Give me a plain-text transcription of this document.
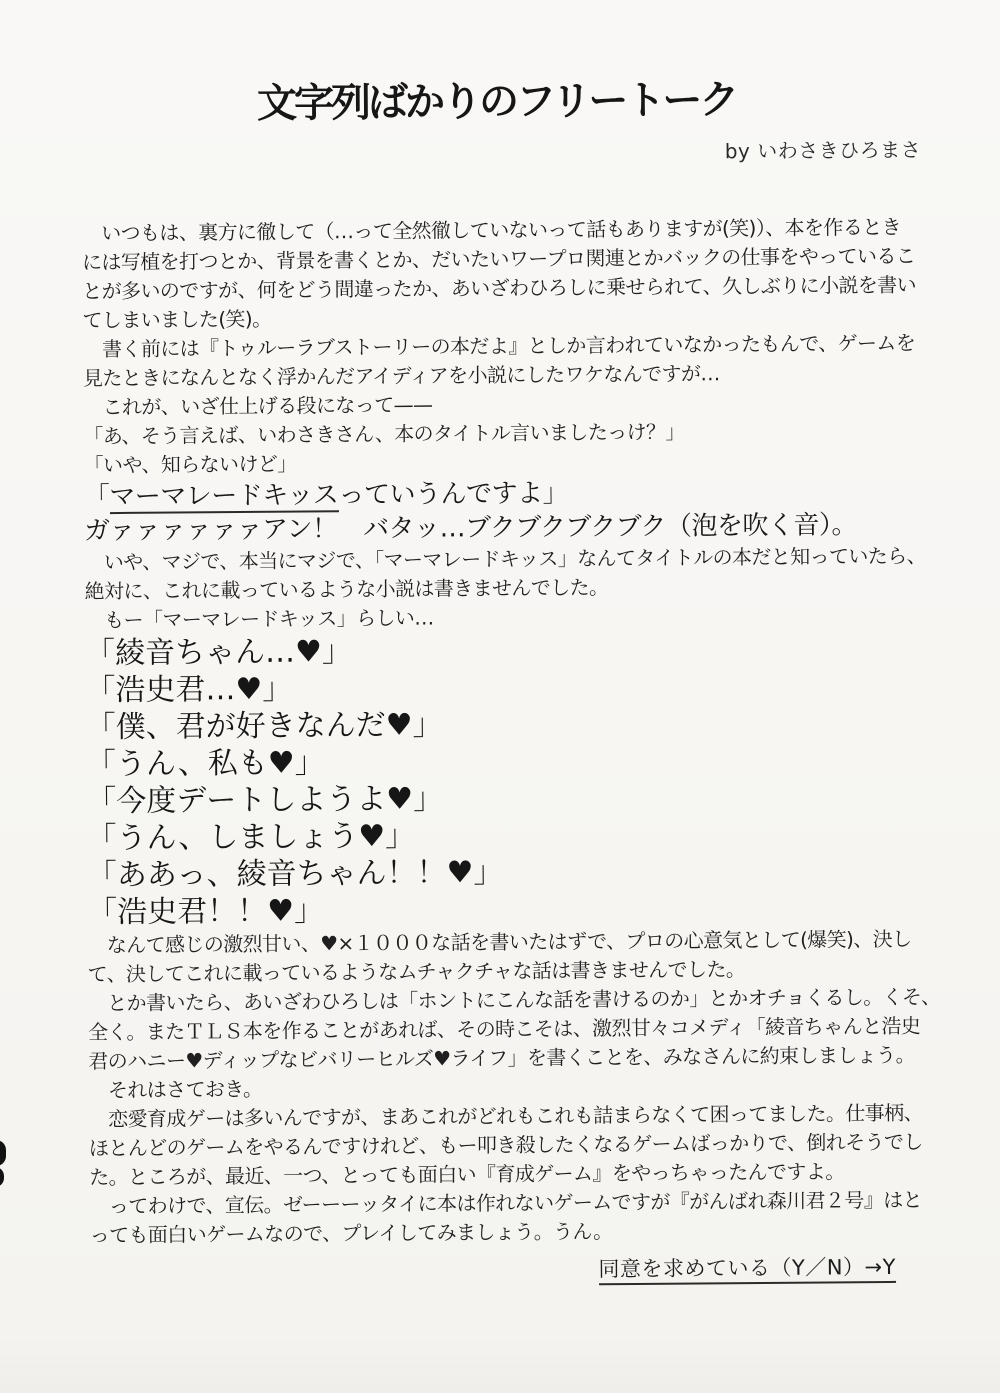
文字列ばかりのフリートーク
by いわさきひろまさ
　いつもは、裏方に徹して（…って全然徹していないって話もありますが(笑)）、本を作るとき
には写植を打つとか、背景を書くとか、だいたいワープロ関連とかバックの仕事をやっているこ
とが多いのですが、何をどう間違ったか、あいざわひろしに乗せられて、久しぶりに小説を書い
てしまいました(笑)。
　書く前には『トゥルーラブストーリーの本だよ』としか言われていなかったもんで、ゲームを
見たときになんとなく浮かんだアイディアを小説にしたワケなんですが…
　これが、いざ仕上げる段になって——
「あ、そう言えば、いわさきさん、本のタイトル言いましたっけ？」
「いや、知らないけど」
「マーマレードキッスっていうんですよ」
ガァァァァァァアン！　バタッ…ブクブクブクブク（泡を吹く音）。
　いや、マジで、本当にマジで、「マーマレードキッス」なんてタイトルの本だと知っていたら、
絶対に、これに載っているような小説は書きませんでした。
　もー「マーマレードキッス」らしい…
「綾音ちゃん…♥」
「浩史君…♥」
「僕、君が好きなんだ♥」
「うん、私も♥」
「今度デートしようよ♥」
「うん、しましょう♥」
「ああっ、綾音ちゃん！！♥」
「浩史君！！♥」
　なんて感じの激烈甘い、♥×１０００な話を書いたはずで、プロの心意気として(爆笑)、決し
て、決してこれに載っているようなムチャクチャな話は書きませんでした。
　とか書いたら、あいざわひろしは「ホントにこんな話を書けるのか」とかオチョくるし。くそ、
全く。またＴＬＳ本を作ることがあれば、その時こそは、激烈甘々コメディ「綾音ちゃんと浩史
君のハニー♥ディップなビバリーヒルズ♥ライフ」を書くことを、みなさんに約束しましょう。
　それはさておき。
　恋愛育成ゲーは多いんですが、まあこれがどれもこれも詰まらなくて困ってました。仕事柄、
ほとんどのゲームをやるんですけれど、もー叩き殺したくなるゲームばっかりで、倒れそうでし
た。ところが、最近、一つ、とっても面白い『育成ゲーム』をやっちゃったんですよ。
　ってわけで、宣伝。ゼーーーッタイに本は作れないゲームですが『がんばれ森川君２号』はと
っても面白いゲームなので、プレイしてみましょう。うん。
同意を求めている（Y／N）→Y
